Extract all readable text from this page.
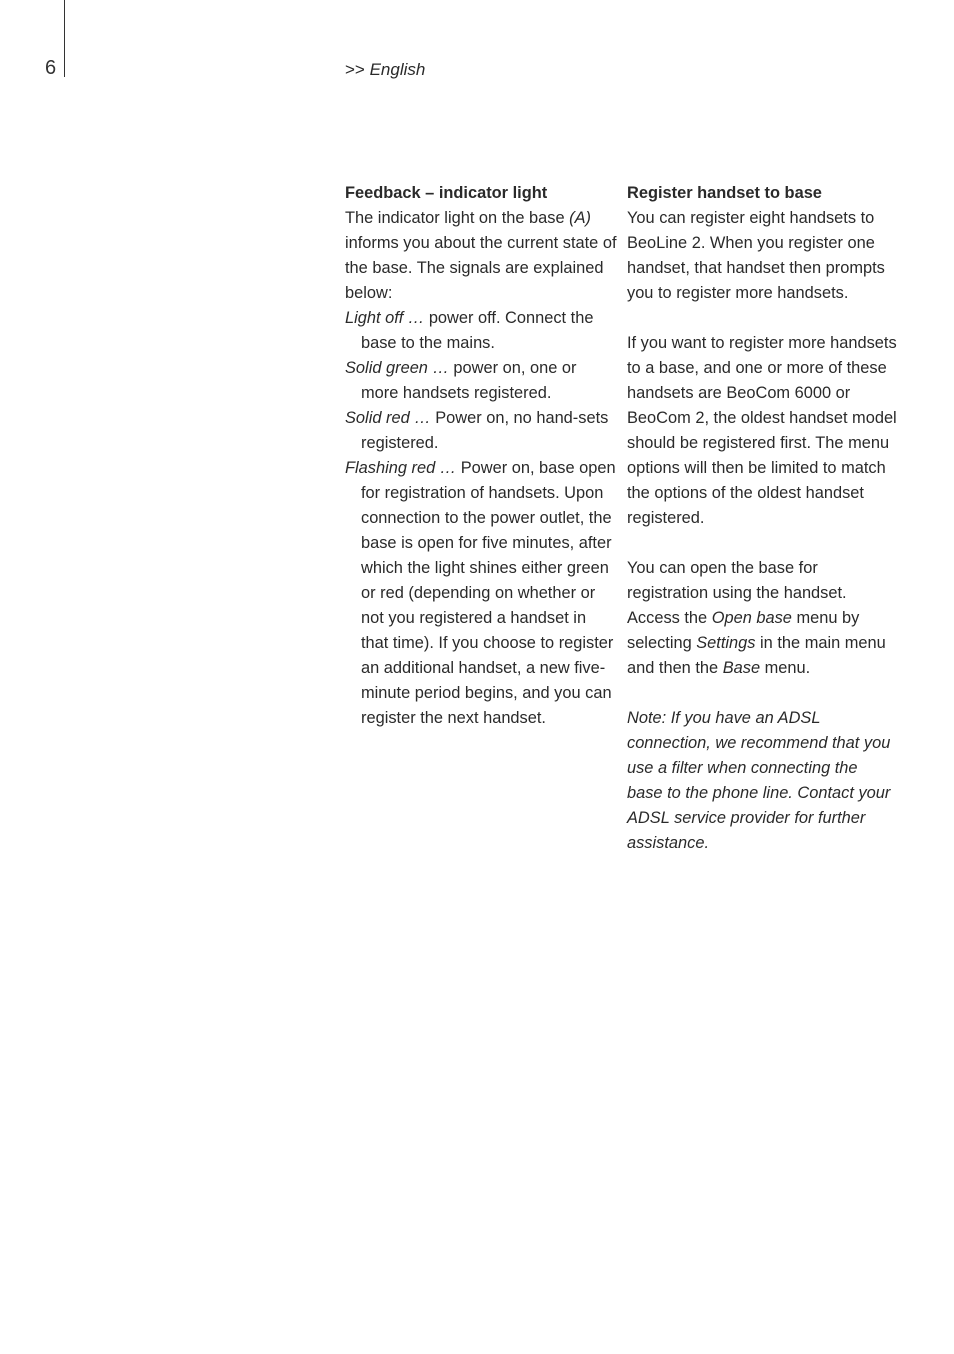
6	>> English

Feedback – indicator light

The indicator light on the base (A) informs you about the current state of the base. The signals are explained below:

Light off … power off. Connect the base to the mains.

Solid green … power on, one or more handsets registered.

Solid red … Power on, no hand-sets registered.

Flashing red … Power on, base open for registration of handsets. Upon connection to the power outlet, the base is open for five minutes, after which the light shines either green or red (depending on whether or not you registered a handset in that time). If you choose to register an additional handset, a new five-minute period begins, and you can register the next handset.

Register handset to base

You can register eight handsets to BeoLine 2. When you register one handset, that handset then prompts you to register more handsets.

If you want to register more handsets to a base, and one or more of these handsets are BeoCom 6000 or BeoCom 2, the oldest handset model should be registered first. The menu options will then be limited to match the options of the oldest handset registered.

You can open the base for registration using the handset. Access the Open base menu by selecting Settings in the main menu and then the Base menu.

Note: If you have an ADSL connection, we recommend that you use a filter when connecting the base to the phone line. Contact your ADSL service provider for further assistance.
